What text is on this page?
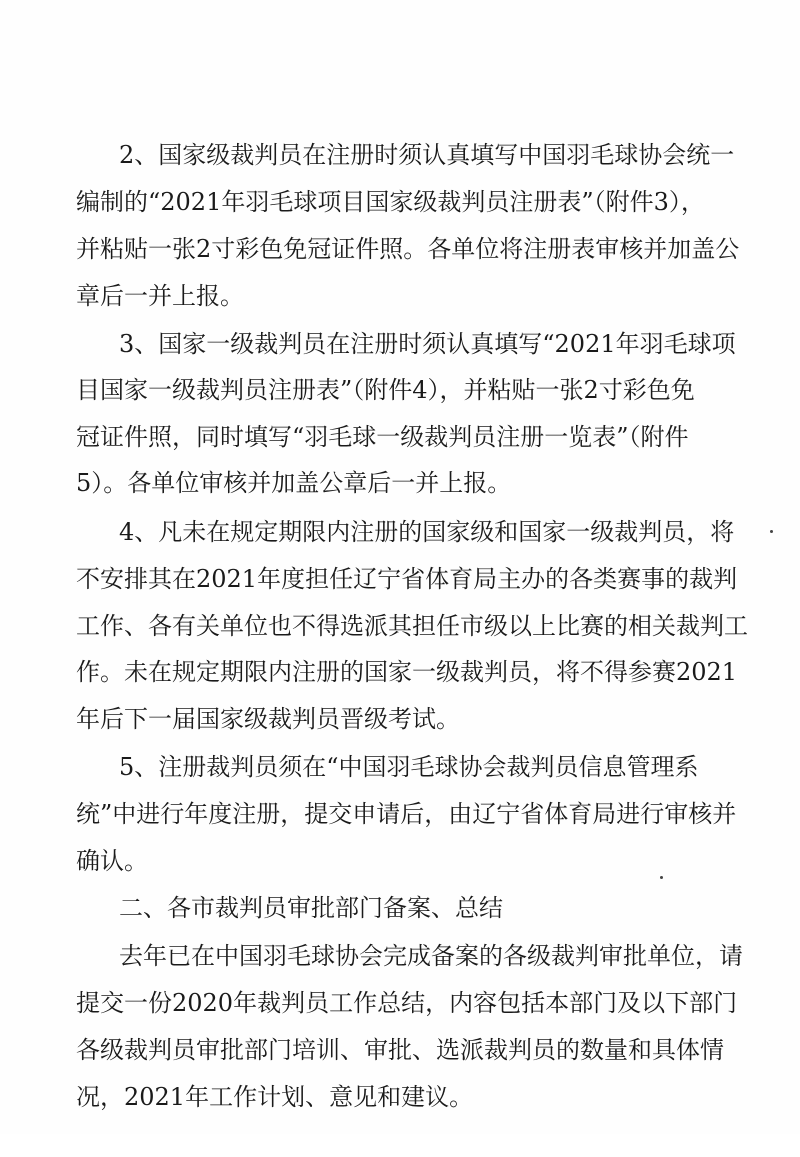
2、国家级裁判员在注册时须认真填写中国羽毛球协会统一

编制的“2021年羽毛球项目国家级裁判员注册表”（附件3），

并粘贴一张2寸彩色免冠证件照。各单位将注册表审核并加盖公

章后一并上报。

3、国家一级裁判员在注册时须认真填写“2021年羽毛球项

目国家一级裁判员注册表”（附件4），并粘贴一张2寸彩色免

冠证件照，同时填写“羽毛球一级裁判员注册一览表”（附件

5）。各单位审核并加盖公章后一并上报。

4、凡未在规定期限内注册的国家级和国家一级裁判员，将

不安排其在2021年度担任辽宁省体育局主办的各类赛事的裁判

工作、各有关单位也不得选派其担任市级以上比赛的相关裁判工

作。未在规定期限内注册的国家一级裁判员，将不得参赛2021

年后下一届国家级裁判员晋级考试。

5、注册裁判员须在“中国羽毛球协会裁判员信息管理系

统”中进行年度注册，提交申请后，由辽宁省体育局进行审核并

确认。

二、各市裁判员审批部门备案、总结

去年已在中国羽毛球协会完成备案的各级裁判审批单位，请

提交一份2020年裁判员工作总结，内容包括本部门及以下部门

各级裁判员审批部门培训、审批、选派裁判员的数量和具体情

况，2021年工作计划、意见和建议。
